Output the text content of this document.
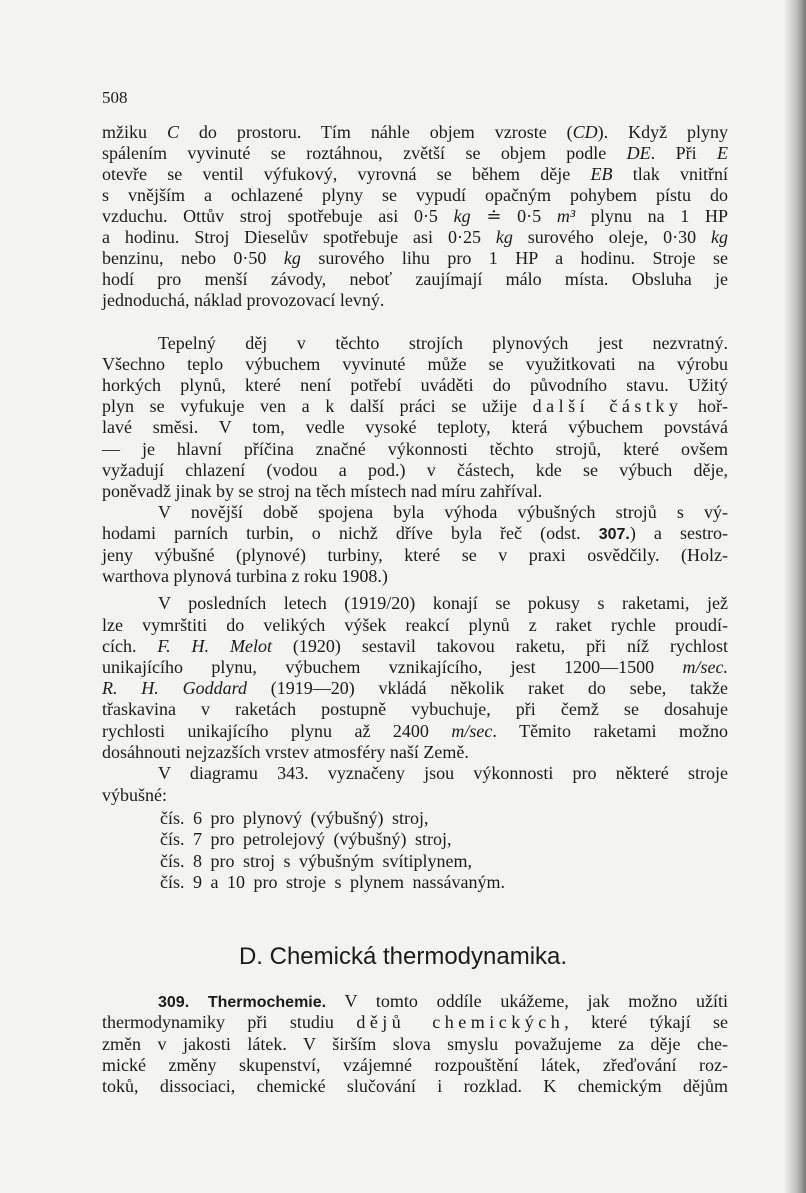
508
D. Chemická thermodynamika.
mžiku C do prostoru. Tím náhle objem vzroste (CD). Když plyny
spálením vyvinuté se roztáhnou, zvětší se objem podle DE. Při E
otevře se ventil výfukový, vyrovná se během děje EB tlak vnitřní
s vnějším a ochlazené plyny se vypudí opačným pohybem pístu do
vzduchu. Ottův stroj spotřebuje asi 0·5 kg ≐ 0·5 m³ plynu na 1 HP
a hodinu. Stroj Dieselův spotřebuje asi 0·25 kg surového oleje, 0·30 kg
benzinu, nebo 0·50 kg surového lihu pro 1 HP a hodinu. Stroje se
hodí pro menší závody, neboť zaujímají málo místa. Obsluha je
jednoduchá, náklad provozovací levný.
Tepelný děj v těchto strojích plynových jest nezvratný.
Všechno teplo výbuchem vyvinuté může se využitkovati na výrobu
horkých plynů, které není potřebí uváděti do původního stavu. Užitý
plyn se vyfukuje ven a k další práci se užije další částky hoř-
lavé směsi. V tom, vedle vysoké teploty, která výbuchem povstává
— je hlavní příčina značné výkonnosti těchto strojů, které ovšem
vyžadují chlazení (vodou a pod.) v částech, kde se výbuch děje,
poněvadž jinak by se stroj na těch místech nad míru zahříval.
V novější době spojena byla výhoda výbušných strojů s vý-
hodami parních turbin, o nichž dříve byla řeč (odst. 307.) a sestro-
jeny výbušné (plynové) turbiny, které se v praxi osvědčily. (Holz-
warthova plynová turbina z roku 1908.)
V posledních letech (1919/20) konají se pokusy s raketami, jež
lze vymrštiti do velikých výšek reakcí plynů z raket rychle proudí-
cích. F. H. Melot (1920) sestavil takovou raketu, při níž rychlost
unikajícího plynu, výbuchem vznikajícího, jest 1200—1500 m/sec.
R. H. Goddard (1919—20) vkládá několik raket do sebe, takže
třaskavina v raketách postupně vybuchuje, při čemž se dosahuje
rychlosti unikajícího plynu až 2400 m/sec. Těmito raketami možno
dosáhnouti nejzazších vrstev atmosféry naší Země.
V diagramu 343. vyznačeny jsou výkonnosti pro některé stroje
výbušné:
čís. 6 pro plynový (výbušný) stroj,
čís. 7 pro petrolejový (výbušný) stroj,
čís. 8 pro stroj s výbušným svítiplynem,
čís. 9 a 10 pro stroje s plynem nassávaným.
309. Thermochemie. V tomto oddíle ukážeme, jak možno užíti
thermodynamiky při studiu dějů chemických, které týkají se
změn v jakosti látek. V širším slova smyslu považujeme za děje che-
mické změny skupenství, vzájemné rozpouštění látek, zřeďování roz-
toků, dissociaci, chemické slučování i rozklad. K chemickým dějům
